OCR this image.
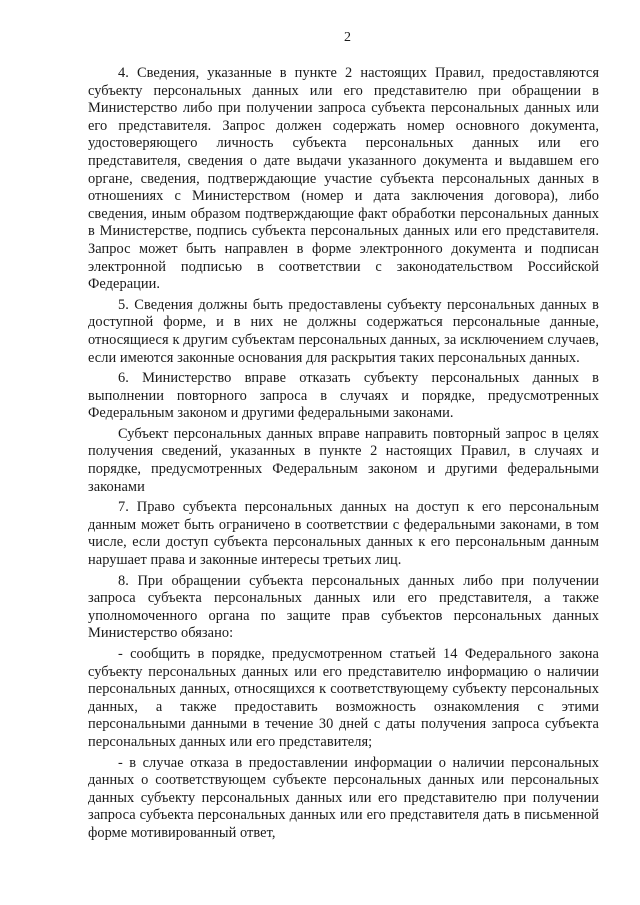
2

4. Сведения, указанные в пункте 2 настоящих Правил, предоставляются субъекту персональных данных или его представителю при обращении в Министерство либо при получении запроса субъекта персональных данных или его представителя. Запрос должен содержать номер основного документа, удостоверяющего личность субъекта персональных данных или его представителя, сведения о дате выдачи указанного документа и выдавшем его органе, сведения, подтверждающие участие субъекта персональных данных в отношениях с Министерством (номер и дата заключения договора), либо сведения, иным образом подтверждающие факт обработки персональных данных в Министерстве, подпись субъекта персональных данных или его представителя. Запрос может быть направлен в форме электронного документа и подписан электронной подписью в соответствии с законодательством Российской Федерации.

5. Сведения должны быть предоставлены субъекту персональных данных в доступной форме, и в них не должны содержаться персональные данные, относящиеся к другим субъектам персональных данных, за исключением случаев, если имеются законные основания для раскрытия таких персональных данных.

6. Министерство вправе отказать субъекту персональных данных в выполнении повторного запроса в случаях и порядке, предусмотренных Федеральным законом и другими федеральными законами.

Субъект персональных данных вправе направить повторный запрос в целях получения сведений, указанных в пункте 2 настоящих Правил, в случаях и порядке, предусмотренных Федеральным законом и другими федеральными законами

7. Право субъекта персональных данных на доступ к его персональным данным может быть ограничено в соответствии с федеральными законами, в том числе, если доступ субъекта персональных данных к его персональным данным нарушает права и законные интересы третьих лиц.

8. При обращении субъекта персональных данных либо при получении запроса субъекта персональных данных или его представителя, а также уполномоченного органа по защите прав субъектов персональных данных Министерство обязано:

- сообщить в порядке, предусмотренном статьей 14 Федерального закона субъекту персональных данных или его представителю информацию о наличии персональных данных, относящихся к соответствующему субъекту персональных данных, а также предоставить возможность ознакомления с этими персональными данными в течение 30 дней с даты получения запроса субъекта персональных данных или его представителя;

- в случае отказа в предоставлении информации о наличии персональных данных о соответствующем субъекте персональных данных или персональных данных субъекту персональных данных или его представителю при получении запроса субъекта персональных данных или его представителя дать в письменной форме мотивированный ответ,
